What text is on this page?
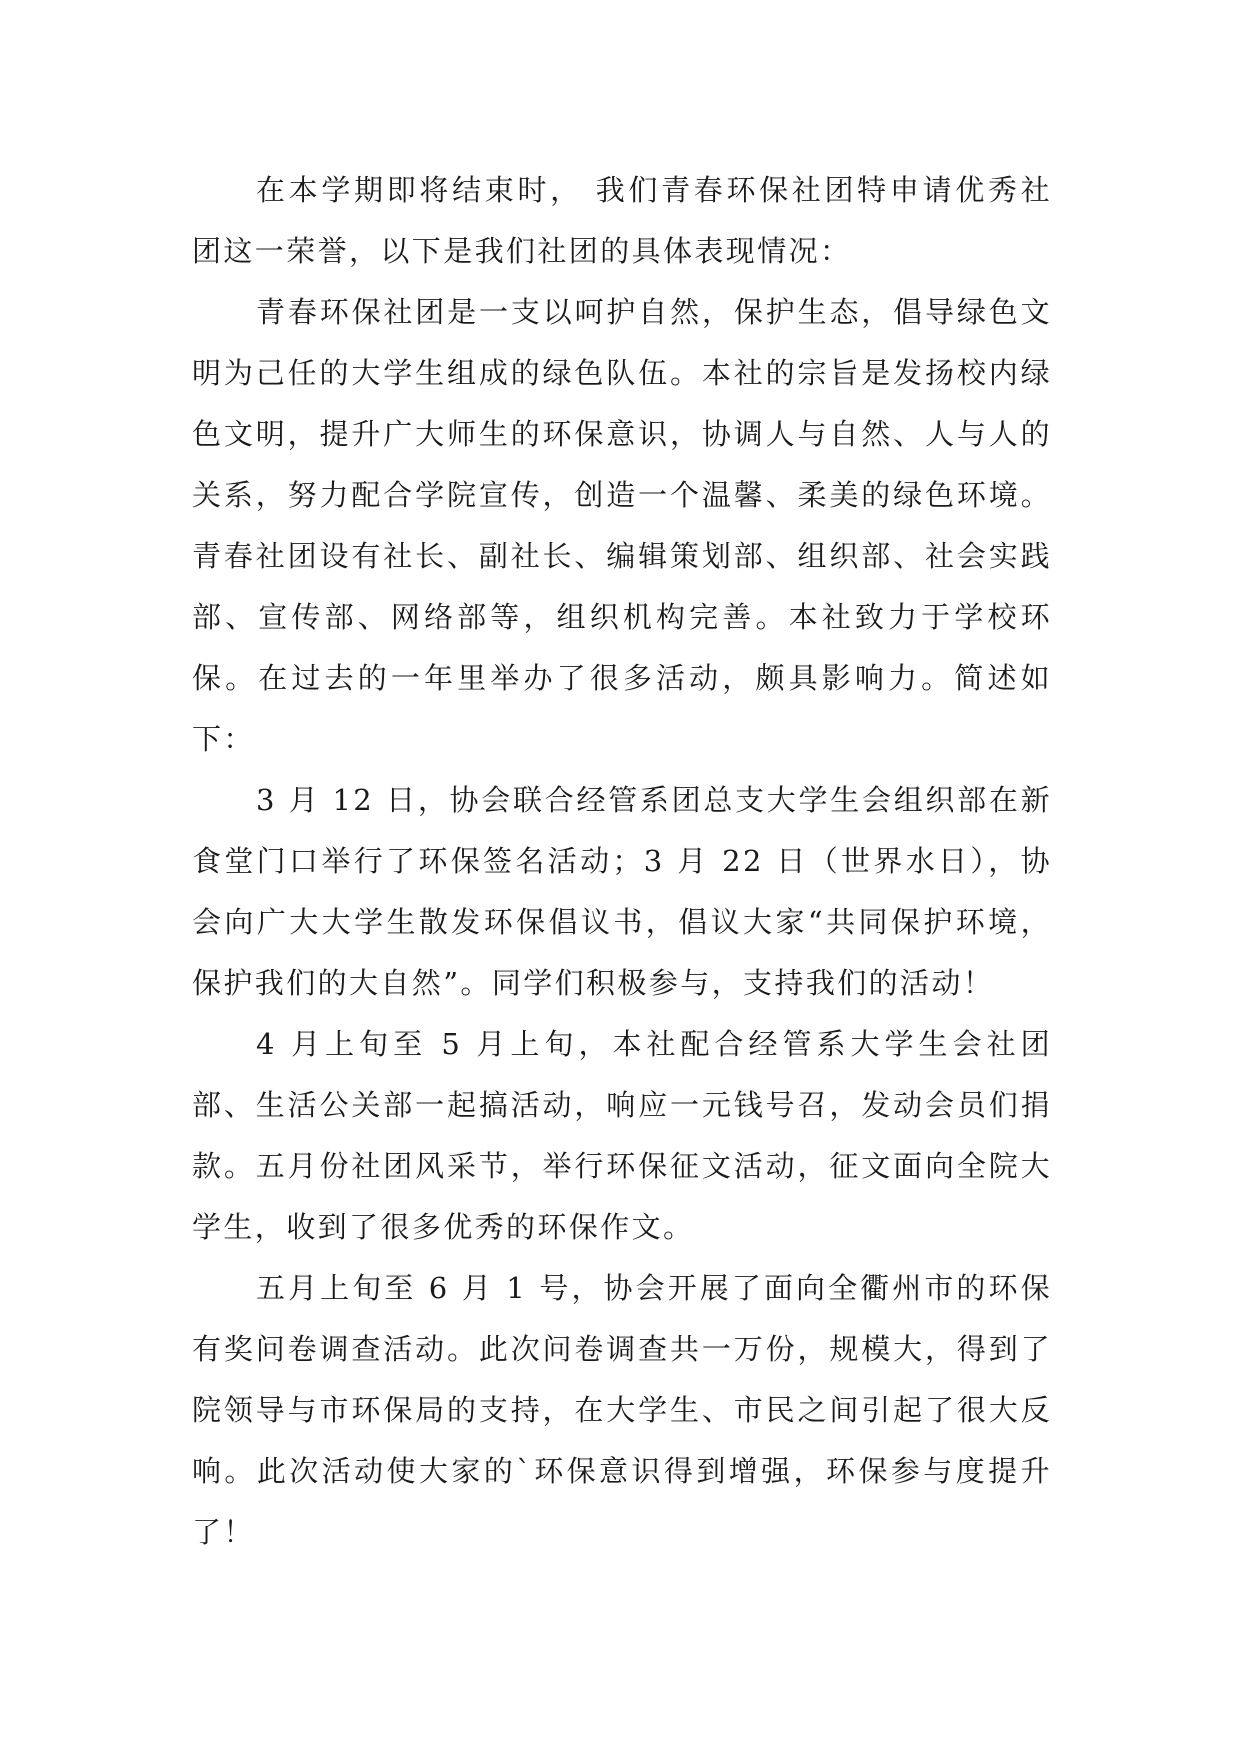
在本学期即将结束时， 我们青春环保社团特申请优秀社团这一荣誉，以下是我们社团的具体表现情况：

青春环保社团是一支以呵护自然，保护生态，倡导绿色文明为己任的大学生组成的绿色队伍。本社的宗旨是发扬校内绿色文明，提升广大师生的环保意识，协调人与自然、人与人的关系，努力配合学院宣传，创造一个温馨、柔美的绿色环境。青春社团设有社长、副社长、编辑策划部、组织部、社会实践部、宣传部、网络部等，组织机构完善。本社致力于学校环保。在过去的一年里举办了很多活动，颇具影响力。简述如下：

3 月 12 日，协会联合经管系团总支大学生会组织部在新食堂门口举行了环保签名活动；3 月 22 日（世界水日），协会向广大大学生散发环保倡议书，倡议大家“共同保护环境，保护我们的大自然”。同学们积极参与，支持我们的活动！

4 月上旬至 5 月上旬，本社配合经管系大学生会社团部、生活公关部一起搞活动，响应一元钱号召，发动会员们捐款。五月份社团风采节，举行环保征文活动，征文面向全院大学生，收到了很多优秀的环保作文。

五月上旬至 6 月 1 号，协会开展了面向全衢州市的环保有奖问卷调查活动。此次问卷调查共一万份，规模大，得到了院领导与市环保局的支持，在大学生、市民之间引起了很大反响。此次活动使大家的`环保意识得到增强，环保参与度提升了！
